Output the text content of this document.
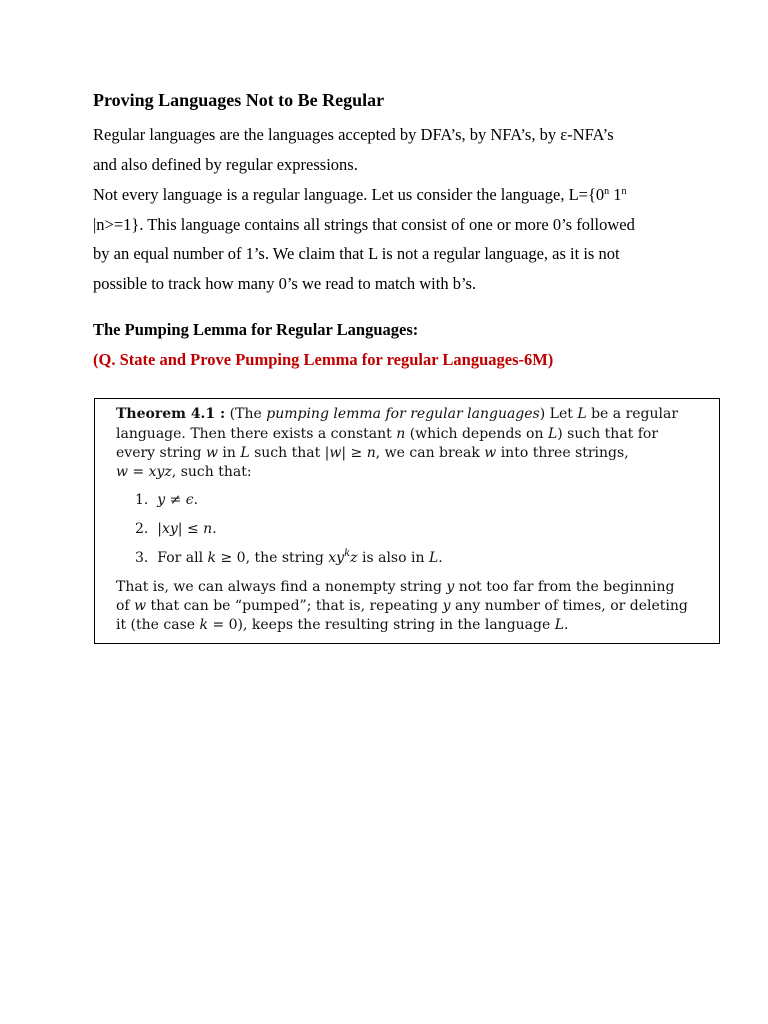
Proving Languages Not to Be Regular
Regular languages are the languages accepted by DFA’s, by NFA’s, by ε-NFA’s
and also defined by regular expressions.
Not every language is a regular language. Let us consider the language, $L=\{0^n$ 1$^n$
|n>=1}. This language contains all strings that consist of one or more 0’s followed
by an equal number of 1’s. We claim that L is not a regular language, as it is not
possible to track how many 0’s we read to match with b’s.
The Pumping Lemma for Regular Languages:
(Q. State and Prove Pumping Lemma for regular Languages-6M)
Theorem 4.1 : (The pumping lemma for regular languages) Let L be a regular
language. Then there exists a constant n (which depends on L) such that for
every string w in L such that |w| ≥ n, we can break w into three strings,
w = xyz, such that:
1. y ≠ ϵ.
2. |xy| ≤ n.
3. For all k ≥ 0, the string $xy^kz$ is also in L.
That is, we can always find a nonempty string y not too far from the beginning
of w that can be “pumped”; that is, repeating y any number of times, or deleting
it (the case k = 0), keeps the resulting string in the language L.
